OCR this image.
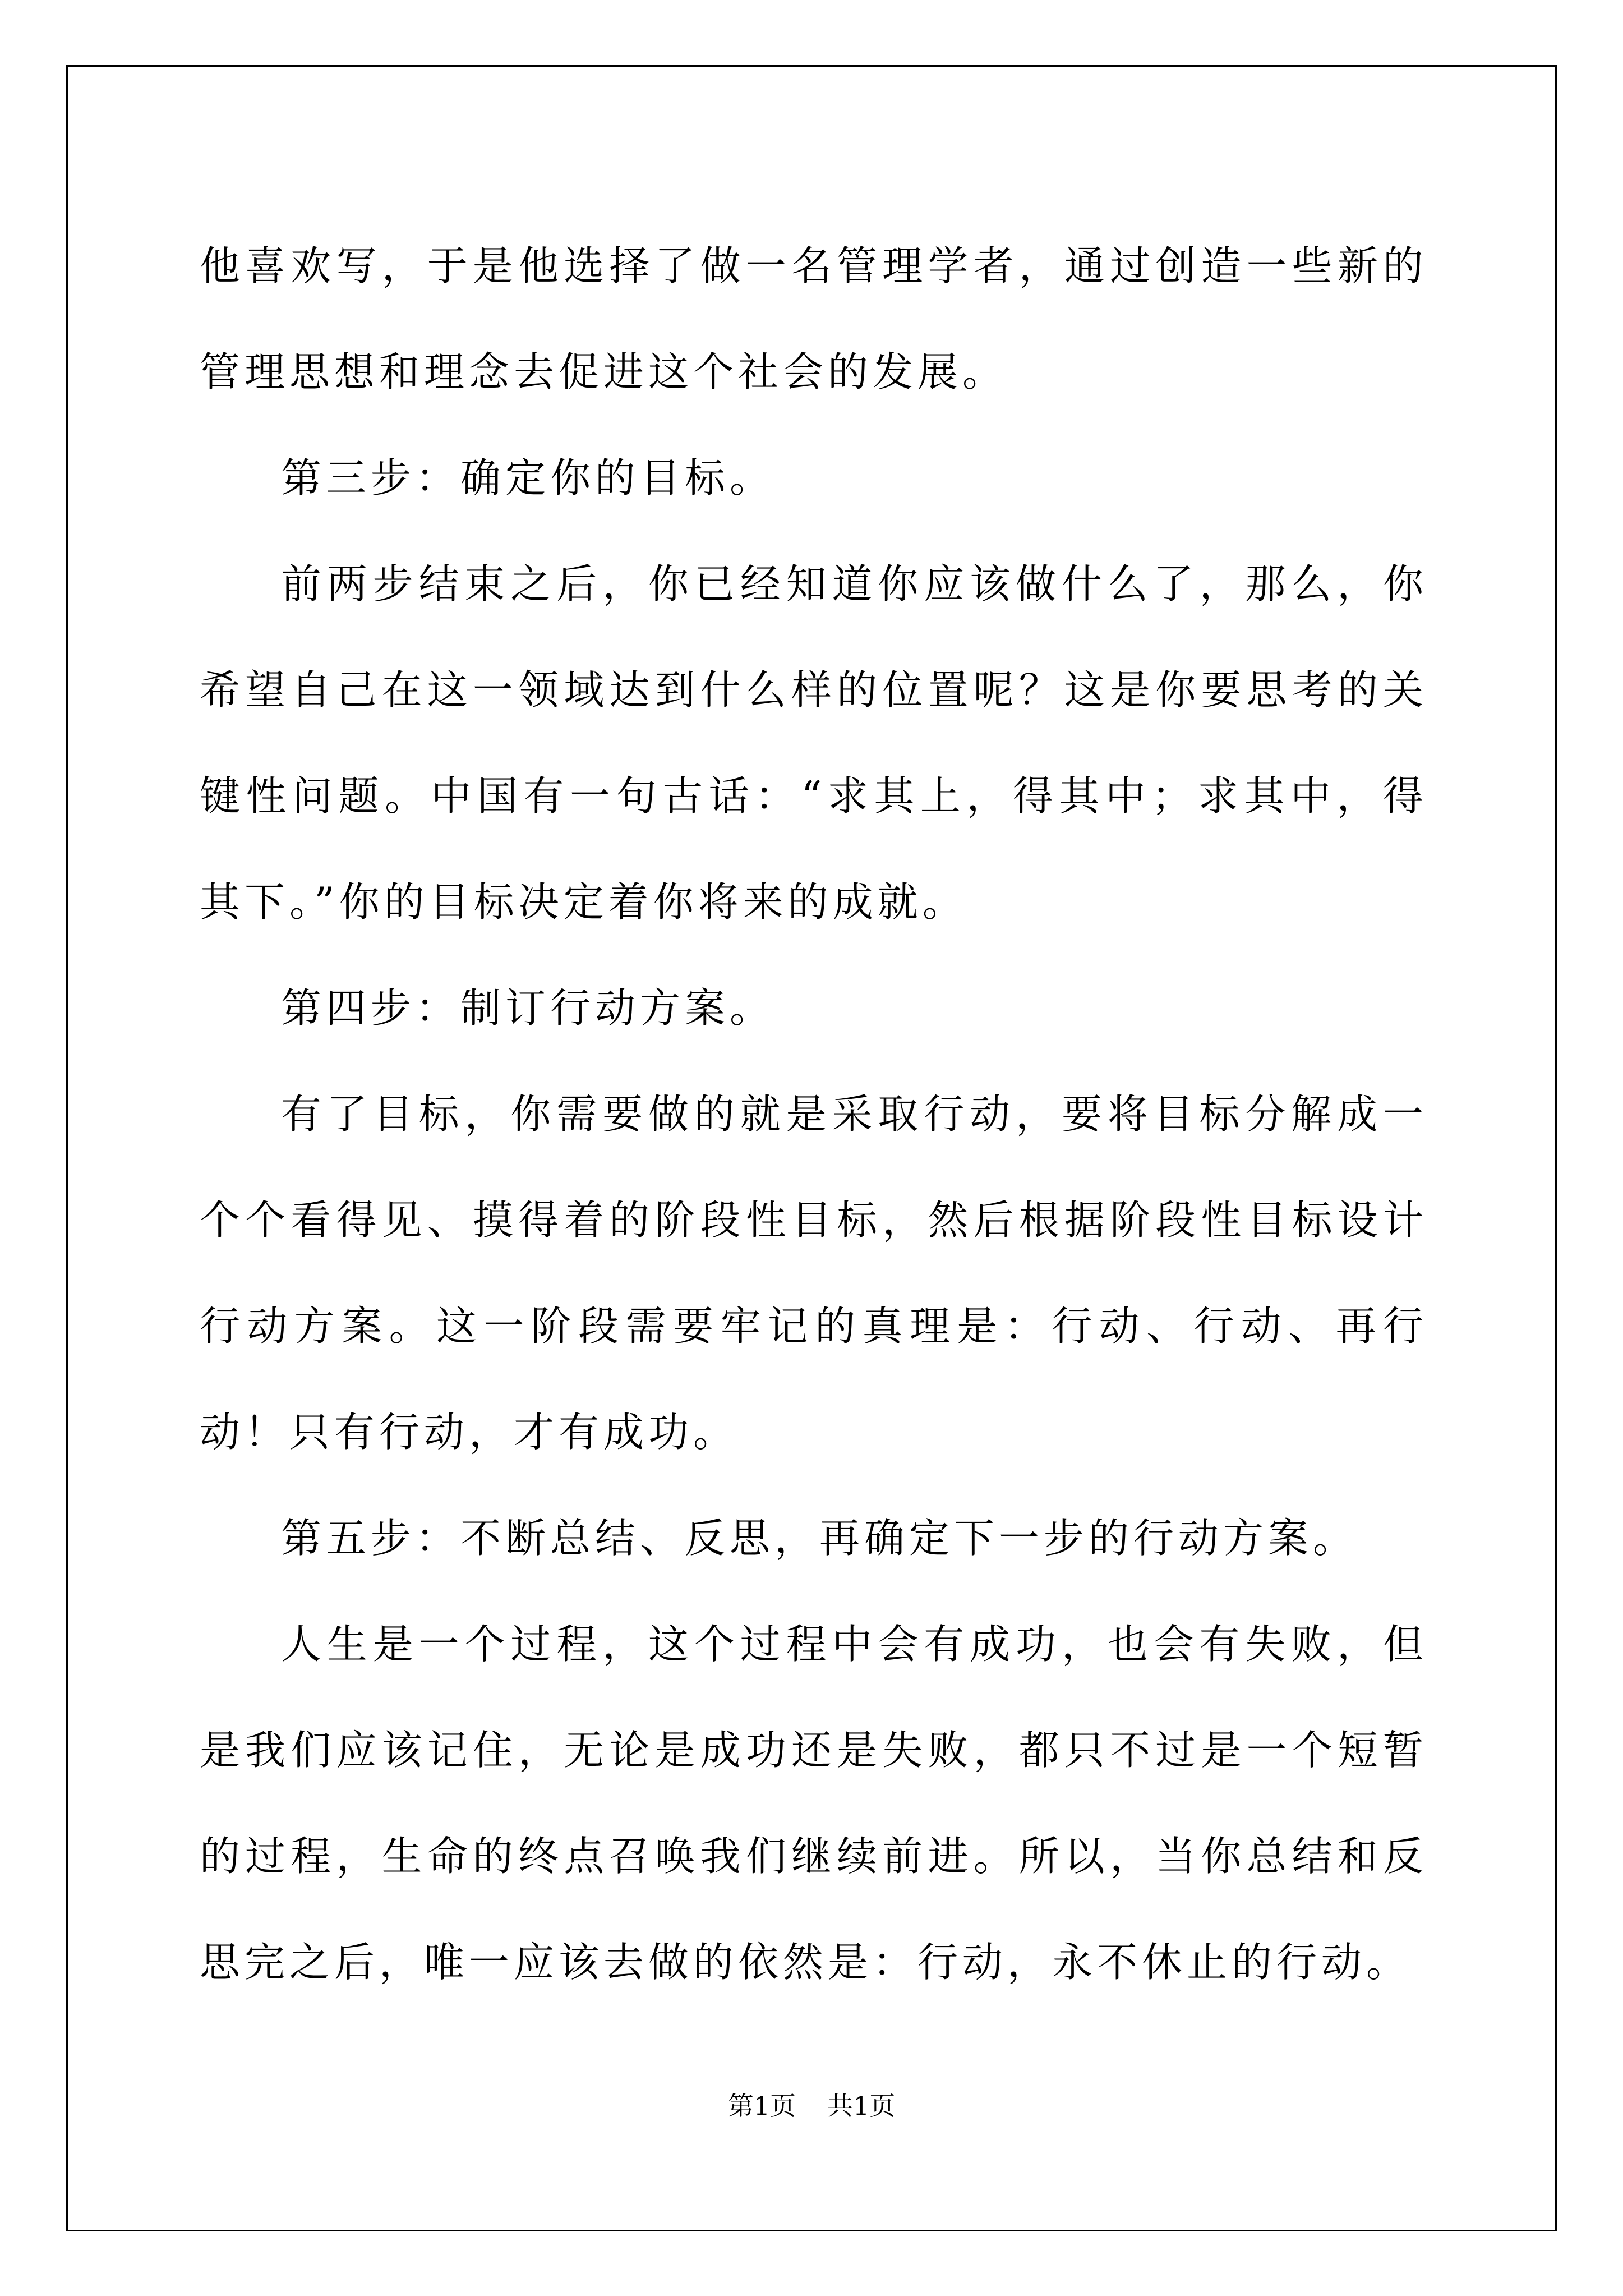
他喜欢写，于是他选择了做一名管理学者，通过创造一些新的管理思想和理念去促进这个社会的发展。

第三步：确定你的目标。

前两步结束之后，你已经知道你应该做什么了，那么，你希望自己在这一领域达到什么样的位置呢？这是你要思考的关键性问题。中国有一句古话：“求其上，得其中；求其中，得其下。”你的目标决定着你将来的成就。

第四步：制订行动方案。

有了目标，你需要做的就是采取行动，要将目标分解成一个个看得见、摸得着的阶段性目标，然后根据阶段性目标设计行动方案。这一阶段需要牢记的真理是：行动、行动、再行动！只有行动，才有成功。

第五步：不断总结、反思，再确定下一步的行动方案。

人生是一个过程，这个过程中会有成功，也会有失败，但是我们应该记住，无论是成功还是失败，都只不过是一个短暂的过程，生命的终点召唤我们继续前进。所以，当你总结和反思完之后，唯一应该去做的依然是：行动，永不休止的行动。

第1页 共1页
